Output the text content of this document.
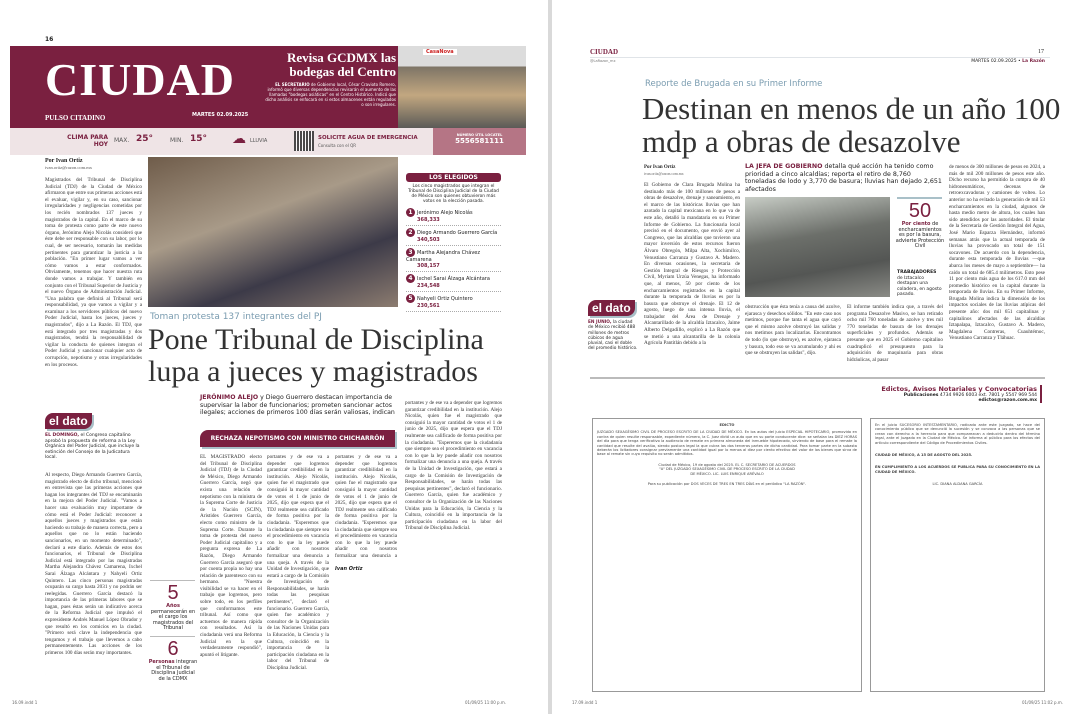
16
CIUDAD
PULSO CITADINO	MARTES 02.09.2025
Revisa GCDMX las bodegas del Centro
EL SECRETARIO de Gobierno local, César Cravioto Romero, informó que diversas dependencias revisarán el aumento de las llamadas "bodegas asiáticas" en el Centro Histórico. Indicó que dicho análisis se enfocará en si estos almacenes están regulados o son irregulares.
CasaNova
CLIMA PARA HOY MAX. 25°	MIN. 15° ☁ LLUVIA	SOLICITE AGUA DE EMERGENCIA
Consulta con el QR
NÚMERO ÚTIL LOCATEL
5556581111
Por Ivan Ortiz
ivan.ortiz@razon.com.mx
Magistrados del Tribunal de Disciplina Judicial (TDJ) de la Ciudad de México afirmaron que entre sus primeras acciones está el evaluar, vigilar y, en su caso, sancionar irregularidades y negligencias cometidas por los recién nombrados 137 jueces y magistrados de la capital. En el marco de su toma de protesta como parte de este nuevo órgano, Jerónimo Alejo Nicolás consideró que éste debe ser responsable con su labor, por lo cual, de ser necesario, tomarán las medidas pertinentes para garantizar la justicia a la población. "En primer lugar vamos a ver cómo vamos a estar conformados. Obviamente, tenemos que hacer nuestra ruta donde vamos a trabajar. Y también en conjunto con el Tribunal Superior de Justicia y el nuevo Órgano de Administración Judicial. "Una palabra que definirá al Tribunal será responsabilidad, ya que vamos a vigilar y a examinar a los servidores públicos del nuevo Poder Judicial, hasta los jueces, jueces y magistrados", dijo a La Razón. El TDJ, que está integrado por tres magistradas y dos magistrados, tendrá la responsabilidad de vigilar la conducta de quienes integran el Poder Judicial y sancionar cualquier acto de corrupción, nepotismo y otras irregularidades en los procesos.
LOS ELEGIDOS
Los cinco magistrados que integran el Tribunal de Disciplina Judicial de la Ciudad de México son quienes obtuvieron más votos en la elección pasada.
1 Jerónimo Alejo Nicolás
368,333
2 Diego Armando Guerrero García
340,503
3 Martha Alejandra Chávez Camarena
308,157
4 Ixchel Sarai Álzaga Alcántara
234,548
5 Nahyeli Ortiz Quintero
230,561
Toman protesta 137 integrantes del PJ
Pone Tribunal de Disciplina lupa a jueces y magistrados
JERÓNIMO ALEJO y Diego Guerrero destacan importancia de supervisar la labor de funcionarios; prometen sancionar actos ilegales; acciones de primeros 100 días serán valiosas, indican
RECHAZA NEPOTISMO CON MINISTRO CHICHARRÓN
el dato
EL DOMINGO, el Congreso capitalino aprobó la propuesta de reforma a la Ley Orgánica del Poder Judicial, que incluye la extinción del Consejo de la Judicatura local.
Al respecto, Diego Armando Guerrero García, magistrado electo de dicho tribunal, mencionó en entrevista que las primeras acciones que hagan los integrantes del TDJ se encaminarán en la mejora del Poder Judicial. "Vamos a hacer una evaluación muy importante de cómo está el Poder Judicial: reconocer a aquellos jueces y magistrados que están haciendo su trabajo de manera correcta, pero a aquellos que no lo están haciendo sancionarlos, en un momento determinado", declaró a este diario. Además de estos dos funcionarios, el Tribunal de Disciplina Judicial está integrado por las magistradas Martha Alejandra Chávez Camarena, Ixchel Sarai Álzaga Alcántara y Nahyeli Ortiz Quintero. Las cinco personas magistradas ocuparán su cargo hasta 2031 y no podrán ser reelegidas. Guerrero García destacó la importancia de las primeras labores que se hagan, pues éstas serán un indicativo acerca de la Reforma Judicial que impulsó el expresidente Andrés Manuel López Obrador y que resultó en los comicios en la ciudad. "Primero será clave la independencia que tengamos y el trabajo que llevemos a cabo permanentemente. Las acciones de los primeros 100 días serán muy importantes.
5
Años permanecerán en el cargo los magistrados del Tribunal
6
Personas integran el Tribunal de Disciplina Judicial de la CDMX
EL MAGISTRADO electo del Tribunal de Disciplina Judicial (TDJ) de la Ciudad de México, Diego Armando Guerrero García, negó que exista una relación de nepotismo con la ministra de la Suprema Corte de Justicia de la Nación (SCJN), Aristides Guerrero García, electo como ministro de la Suprema Corte. Durante la toma de protesta del nuevo Poder Judicial capitalino y a pregunta expresa de La Razón, Diego Armando Guerrero García aseguró que por cuenta propia no hay una relación de parentesco con su hermano. "Nuestra visibilidad se va hacer en el trabajo que logremos, pero sobre todo, en los perfiles que conformamos este tribunal. Así como que actuemos de manera rápida con resultados. Así la ciudadanía verá una Reforma Judicial en la que verdaderamente respondió", apuntó el litigante.
portantes y de ese va a depender que logremos garantizar credibilidad en la institución. Alejo Nicolás, quien fue el magistrado que consiguió la mayor cantidad de votos el 1 de junio de 2025, dijo que espera que el TDJ realmente sea calificado de forma positiva por la ciudadanía. "Esperemos que la ciudadanía que siempre sea el procedimiento en vacancia con lo que la ley puede añadir con nosotros formalizar una denuncia a una queja. A través de la Unidad de Investigación, que estará a cargo de la Comisión de Investigación de Responsabilidades, se harán todas las pesquisas pertinentes", declaró el funcionario. Guerrero García, quien fue académico y consultor de la Organización de las Naciones Unidas para la Educación, la Ciencia y la Cultura, coincidió en la importancia de la participación ciudadana en la labor del Tribunal de Disciplina Judicial.
portantes y de ese va a depender que logremos garantizar credibilidad en la institución. Alejo Nicolás, quien fue el magistrado que consiguió la mayor cantidad de votos el 1 de junio de 2025, dijo que espera que el TDJ realmente sea calificado de forma positiva por la ciudadanía. "Esperemos que la ciudadanía que siempre sea el procedimiento en vacancia con lo que la ley puede añadir con nosotros formalizar una denuncia a
Ivan Ortiz
portantes y de ese va a depender que logremos garantizar credibilidad en la institución. Alejo Nicolás, quien fue el magistrado que consiguió la mayor cantidad de votos el 1 de junio de 2025, dijo que espera que el TDJ realmente sea calificado de forma positiva por la ciudadanía. "Esperemos que la ciudadanía que siempre sea el procedimiento en vacancia con lo que la ley puede añadir con nosotros formalizar una denuncia a una queja. A través de la Unidad de Investigación, que estará a cargo de la Comisión de Investigación de Responsabilidades, se harán todas las pesquisas pertinentes", declaró el funcionario. Guerrero García, quien fue académico y consultor de la Organización de las Naciones Unidas para la Educación, la Ciencia y la Cultura, coincidió en la importancia de la participación ciudadana en la labor del Tribunal de Disciplina Judicial.
16.09.indd 1	01/09/25 11:00 p.m.
CIUDAD
@LaRazon_mx
17
MARTES 02.09.2025 • La Razón
Reporte de Brugada en su Primer Informe
Destinan en menos de un año 100 mdp a obras de desazolve
Por Ivan Ortiz
ivan.ortiz@razon.com.mx
El Gobierno de Clara Brugada Molina ha destinado más de 100 millones de pesos a obras de desazolve, drenaje y saneamiento, en el marco de las históricas lluvias que han azotado la capital mexicana en lo que va de este año, detalló la mandataria en su Primer Informe de Gobierno. La funcionaria local precisó en el documento, que envió ayer al Congreso, que las alcaldías que tuvieron una mayor inversión de estos recursos fueron Álvaro Obregón, Milpa Alta, Xochimilco, Venustiano Carranza y Gustavo A. Madero. En diversas ocasiones, la secretaria de Gestión Integral de Riesgos y Protección Civil, Myriam Urzúa Venegas, ha informado que, al menos, 50 por ciento de los encharcamientos registrados en la capital durante la temporada de lluvias es por la basura que obstruye el drenaje. El 12 de agosto, luego de una intensa lluvia, el trabajador del Área de Drenaje y Alcantarillado de la alcaldía Iztacalco, Jaime Alberto Delgadillo, explicó a La Razón que se metió a una alcantarilla de la colonia Agrícola Pantitlán debido a la
LA JEFA DE GOBIERNO detalla qué acción ha tenido como prioridad a cinco alcaldías; reporta el retiro de 8,760 toneladas de lodo y 3,770 de basura; lluvias han dejado 2,651 afectados
50
Por ciento de encharcamientos es por la basura, advierte Protección Civil
TRABAJADORES de Iztacalco destapan una coladera, en agosto pasado.
el dato
EN JUNIO, la ciudad de México recibió 488 millones de metros cúbicos de agua pluvial, casi el doble del promedio histórico.
obstrucción que ésta tenía a causa del azolve, ejarasca y desechos sólidos. "En este caso nos metimos, porque fue tanta el agua que cayó que el mismo azolve obstruyó las salidas y nos metimos para localizarlas. Encontramos de todo (lo que obstruye), es azolve, ejarasca y basura, todo eso se va acumulando y ahí es que se obstruyen las salidas", dijo.
El informe también indica que, a través del programa Desazolve Masivo, se han retirado ocho mil 760 toneladas de azolve y tres mil 770 toneladas de basura de los drenajes superficiales y profundos. Además se presume que en 2025 el Gobierno capitalino cuadruplicó el presupuesto para la adquisición de maquinaria para obras hidráulicas, al pasar
de menos de 300 millones de pesos en 2024, a más de mil 200 millones de pesos este año. Dicho recurso ha permitido la compra de 40 hidroneumáticos, decenas de retroexcavadoras y camiones de volteo. Lo anterior no ha evitado la generación de mil 53 encharcamientos en la ciudad, algunos de hasta medio metro de altura, los cuales han sido atendidos por las autoridades. El titular de la Secretaría de Gestión Integral del Agua, José Mario Esparza Hernández, informó semanas atrás que la actual temporada de lluvias ha provocado un total de 151 socavones. De acuerdo con la dependencia, durante esta temporada de lluvias —que abarca los meses de mayo a septiembre— ha caído un total de 685.4 milímetros. Esto pese 11 por ciento más agua de los 617.0 mm del promedio histórico en la capital durante la temporada de lluvias. En su Primer Informe, Brugada Molina indica la dimensión de los impactos sociales de las lluvias atípicas del presente año: dos mil 651 capitalinas y capitalinos afectados de las alcaldías Iztapalapa, Iztacalco, Gustavo A. Madero, Magdalena Contreras, Cuauhtémoc, Venustiano Carranza y Tláhuac.
Edictos, Avisos Notariales y Convocatorias
Publicaciones 4734 9926 6003 ext. 7801 y 5547 969 544
edictos@razon.com.mx
EDICTO
JUZGADO SEXAGÉSIMO CIVIL DE PROCESO ESCRITO DE LA CIUDAD DE MÉXICO. En los autos del juicio ESPECIAL HIPOTECARIO, promovido en contra de quien resulte responsable, expediente número, la C. Juez dictó un auto que en su parte conducente dice: se señalan las DIEZ HORAS del día para que tenga verificativo la audiencia de remate en primera almoneda del inmueble hipotecado, sirviendo de base para el remate la cantidad que resulte del avalúo, siendo postura legal la que cubra las dos terceras partes de dicha cantidad. Para tomar parte en la subasta deberán los licitadores consignar previamente una cantidad igual por lo menos al diez por ciento efectivo del valor de los bienes que sirva de base al remate sin cuyo requisito no serán admitidos.
Ciudad de México, 19 de agosto del 2025. EL C. SECRETARIO DE ACUERDOS "A" DEL JUZGADO SEXAGÉSIMO CIVIL DE PROCESO ESCRITO DE LA CIUDAD DE MÉXICO. LIC. LUIS ENRIQUE ARÉVALO
Para su publicación por DOS VECES DE TRES EN TRES DÍAS en el periódico "LA RAZÓN".
En el juicio SUCESORIO INTESTAMENTARIO, radicado ante este juzgado, se hace del conocimiento público que se denunció la sucesión y se convoca a las personas que se crean con derecho a la herencia para que comparezcan a deducirlo dentro del término legal, ante el Juzgado en la Ciudad de México. Se informa al público para los efectos del artículo correspondiente del Código de Procedimientos Civiles.
CIUDAD DE MÉXICO, A 15 DE AGOSTO DEL 2025.
EN CUMPLIMIENTO A LOS ACUERDOS SE PUBLICA PARA SU CONOCIMIENTO EN LA CIUDAD DE MÉXICO.
LIC. DIANA ALDANA GARCÍA
17.09.indd 1	01/09/25 11:02 p.m.
